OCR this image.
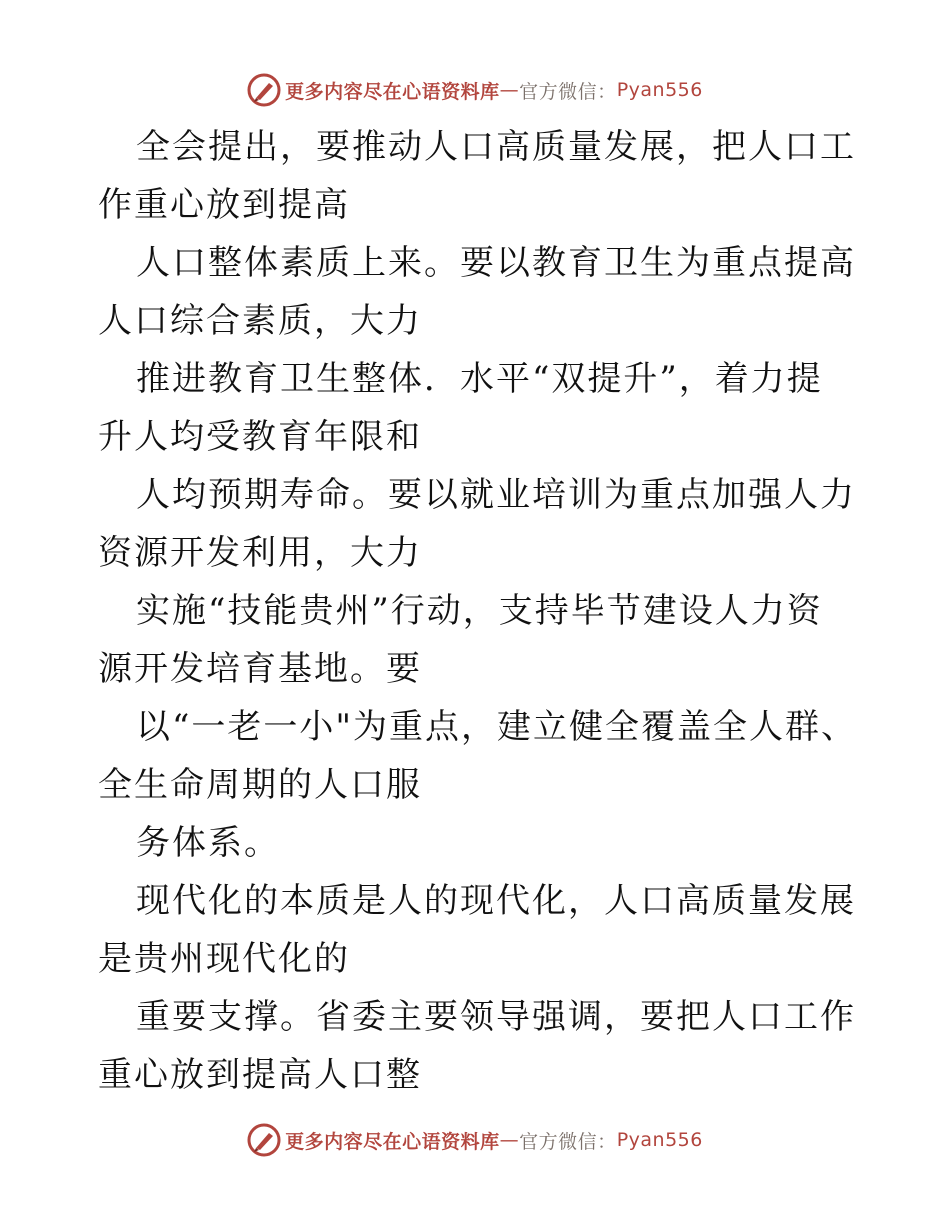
更多内容尽在心语资料库 — 官方微信： Pyan556

全会提出，要推动人口高质量发展，把人口工作重心放到提高

人口整体素质上来。要以教育卫生为重点提高人口综合素质，大力

推进教育卫生整体．水平“双提升”，着力提升人均受教育年限和

人均预期寿命。要以就业培训为重点加强人力资源开发利用，大力

实施“技能贵州”行动，支持毕节建设人力资源开发培育基地。要

以“一老一小"为重点，建立健全覆盖全人群、全生命周期的人口服

务体系。

现代化的本质是人的现代化，人口高质量发展是贵州现代化的

重要支撑。省委主要领导强调，要把人口工作重心放到提高人口整

更多内容尽在心语资料库 — 官方微信： Pyan556
